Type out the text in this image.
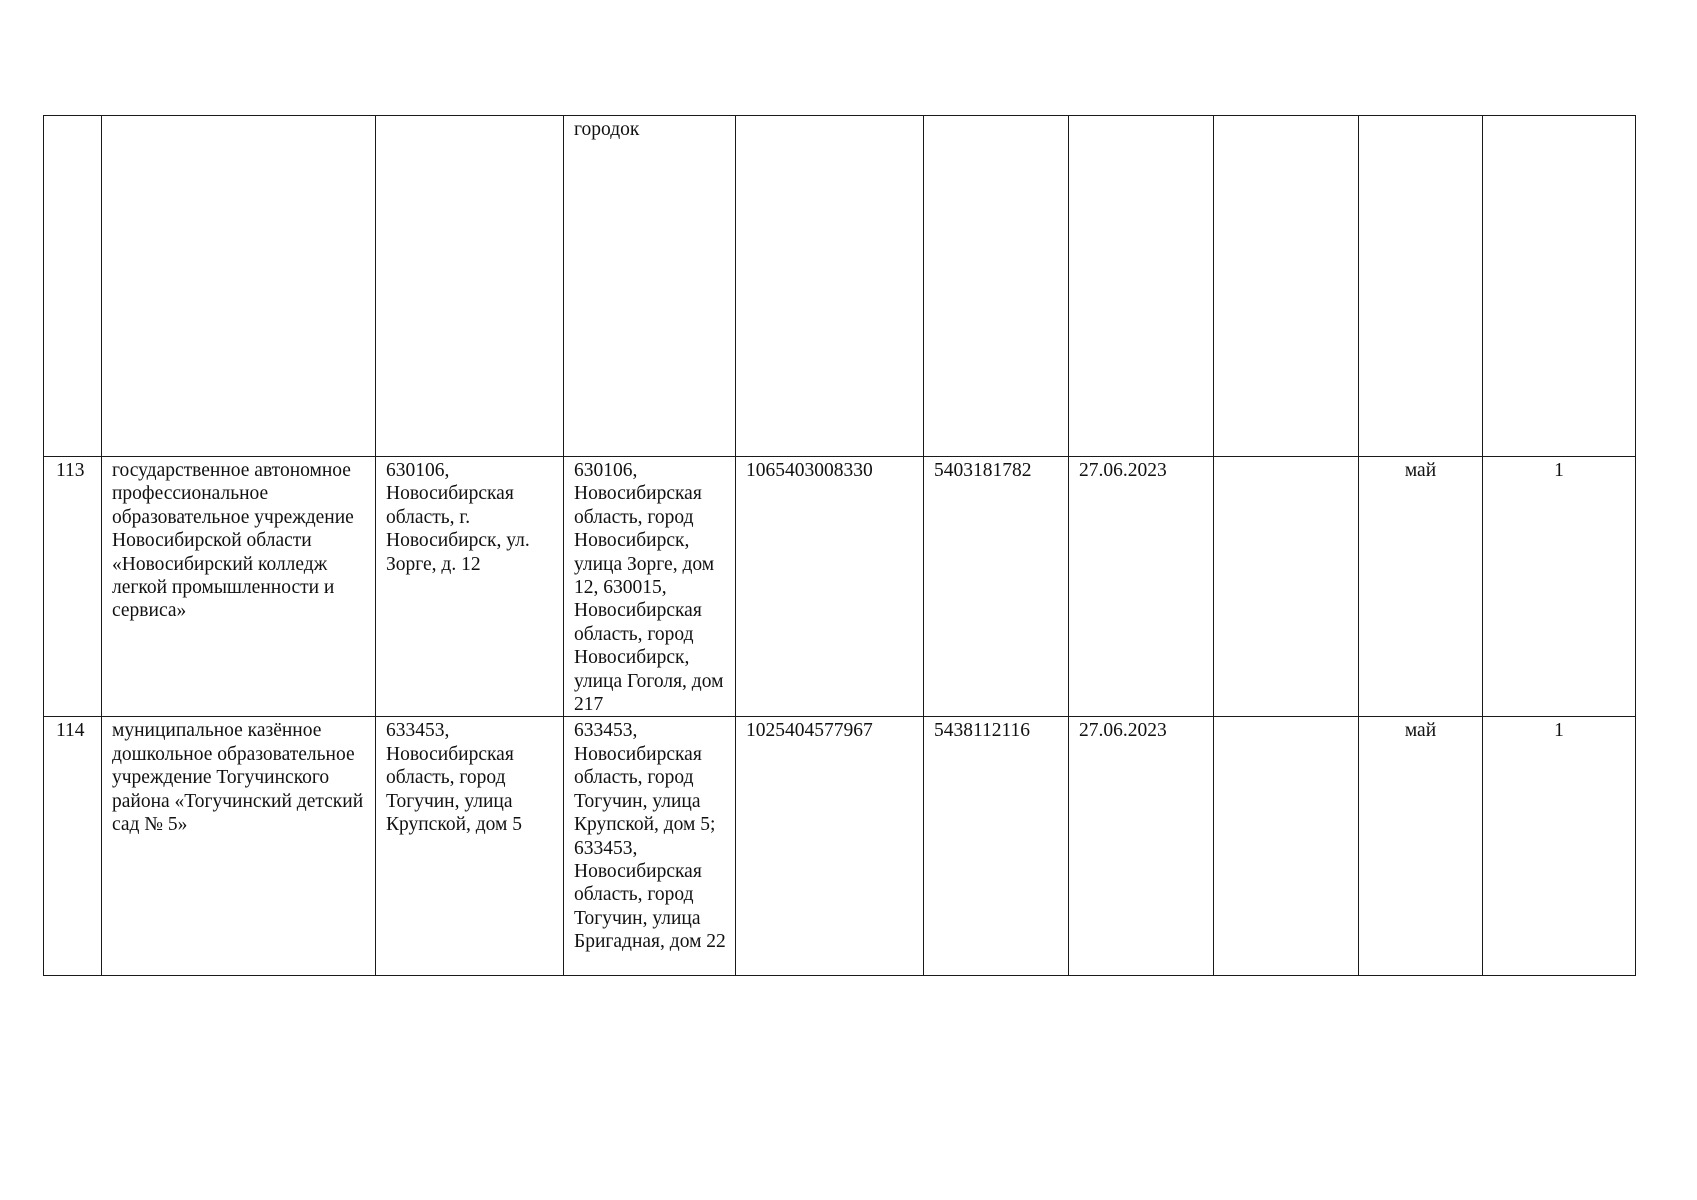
			городок						
113	государственное автономное профессиональное образовательное учреждение Новосибирской области «Новосибирский колледж легкой промышленности и сервиса»	630106, Новосибирская область, г. Новосибирск, ул. Зорге, д. 12	630106, Новосибирская область, город Новосибирск, улица Зорге, дом 12, 630015, Новосибирская область, город Новосибирск, улица Гоголя, дом 217	1065403008330	5403181782	27.06.2023		май	1
114	муниципальное казённое дошкольное образовательное учреждение Тогучинского района «Тогучинский детский сад № 5»	633453, Новосибирская область, город Тогучин, улица Крупской, дом 5	633453, Новосибирская область, город Тогучин, улица Крупской, дом 5; 633453, Новосибирская область, город Тогучин, улица Бригадная, дом 22	1025404577967	5438112116	27.06.2023		май	1
